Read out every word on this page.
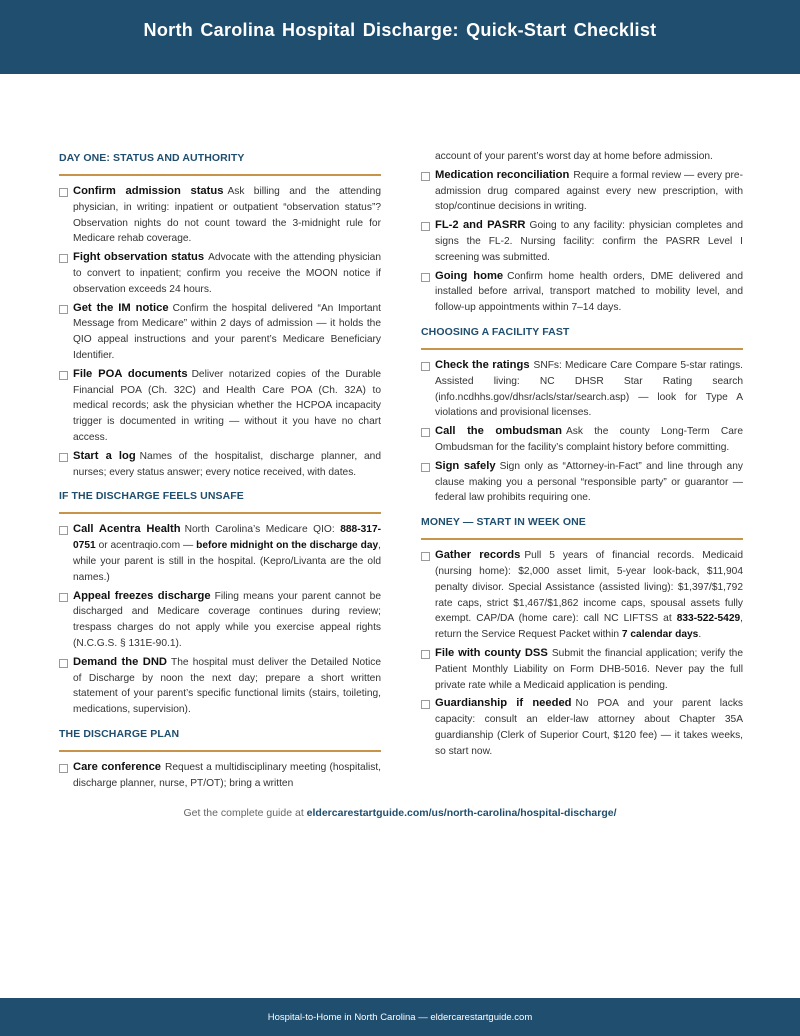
North Carolina Hospital Discharge: Quick-Start Checklist
DAY ONE: STATUS AND AUTHORITY
Confirm admission status Ask billing and the attending physician, in writing: inpatient or outpatient “observation status”? Observation nights do not count toward the 3-midnight rule for Medicare rehab coverage.
Fight observation status Advocate with the attending physician to convert to inpatient; confirm you receive the MOON notice if observation exceeds 24 hours.
Get the IM notice Confirm the hospital delivered “An Important Message from Medicare” within 2 days of admission — it holds the QIO appeal instructions and your parent’s Medicare Beneficiary Identifier.
File POA documents Deliver notarized copies of the Durable Financial POA (Ch. 32C) and Health Care POA (Ch. 32A) to medical records; ask the physician whether the HCPOA incapacity trigger is documented in writing — without it you have no chart access.
Start a log Names of the hospitalist, discharge planner, and nurses; every status answer; every notice received, with dates.
IF THE DISCHARGE FEELS UNSAFE
Call Acentra Health North Carolina’s Medicare QIO: 888-317-0751 or acentraqio.com — before midnight on the discharge day, while your parent is still in the hospital. (Kepro/Livanta are the old names.)
Appeal freezes discharge Filing means your parent cannot be discharged and Medicare coverage continues during review; trespass charges do not apply while you exercise appeal rights (N.C.G.S. § 131E-90.1).
Demand the DND The hospital must deliver the Detailed Notice of Discharge by noon the next day; prepare a short written statement of your parent’s specific functional limits (stairs, toileting, medications, supervision).
THE DISCHARGE PLAN
Care conference Request a multidisciplinary meeting (hospitalist, discharge planner, nurse, PT/OT); bring a written
account of your parent’s worst day at home before admission.
Medication reconciliation Require a formal review — every pre-admission drug compared against every new prescription, with stop/continue decisions in writing.
FL-2 and PASRR Going to any facility: physician completes and signs the FL-2. Nursing facility: confirm the PASRR Level I screening was submitted.
Going home Confirm home health orders, DME delivered and installed before arrival, transport matched to mobility level, and follow-up appointments within 7–14 days.
CHOOSING A FACILITY FAST
Check the ratings SNFs: Medicare Care Compare 5-star ratings. Assisted living: NC DHSR Star Rating search (info.ncdhhs.gov/dhsr/acls/star/search.asp) — look for Type A violations and provisional licenses.
Call the ombudsman Ask the county Long-Term Care Ombudsman for the facility’s complaint history before committing.
Sign safely Sign only as “Attorney-in-Fact” and line through any clause making you a personal “responsible party” or guarantor — federal law prohibits requiring one.
MONEY — START IN WEEK ONE
Gather records Pull 5 years of financial records. Medicaid (nursing home): $2,000 asset limit, 5-year look-back, $11,904 penalty divisor. Special Assistance (assisted living): $1,397/$1,792 rate caps, strict $1,467/$1,862 income caps, spousal assets fully exempt. CAP/DA (home care): call NC LIFTSS at 833-522-5429, return the Service Request Packet within 7 calendar days.
File with county DSS Submit the financial application; verify the Patient Monthly Liability on Form DHB-5016. Never pay the full private rate while a Medicaid application is pending.
Guardianship if needed No POA and your parent lacks capacity: consult an elder-law attorney about Chapter 35A guardianship (Clerk of Superior Court, $120 fee) — it takes weeks, so start now.
Get the complete guide at eldercarestartguide.com/us/north-carolina/hospital-discharge/
Hospital-to-Home in North Carolina — eldercarestartguide.com
